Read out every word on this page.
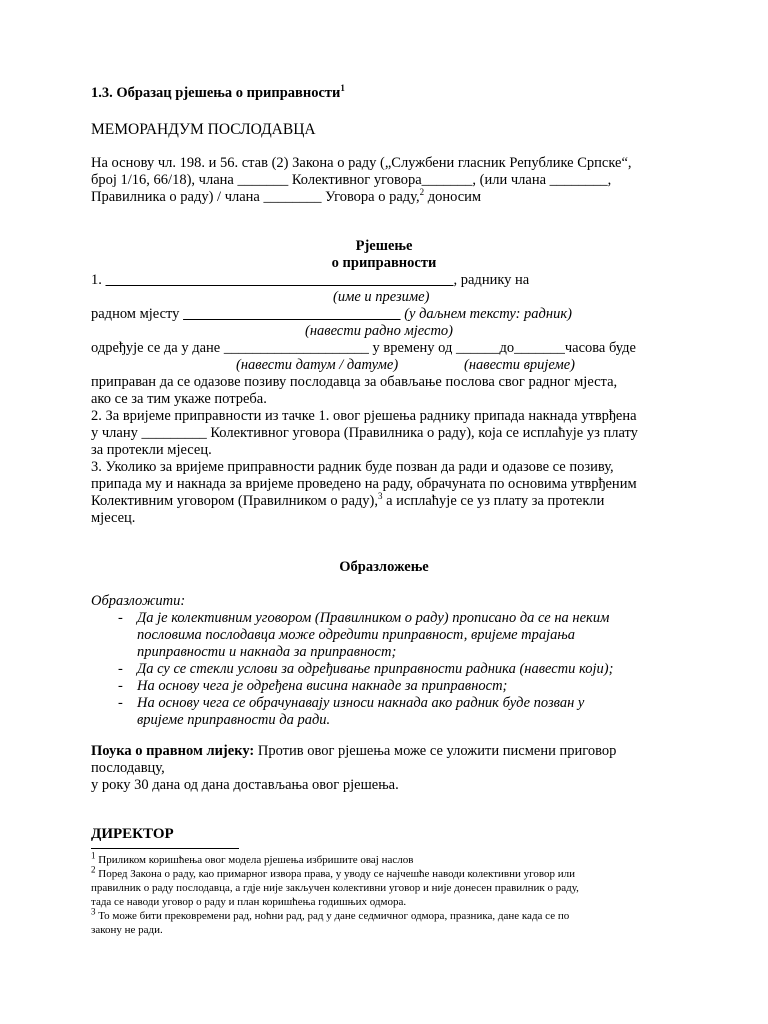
1.3. Образац рјешења о приправности$^1$
МЕМОРАНДУМ ПОСЛОДАВЦА
На основу чл. 198. и 56. став (2) Закона о раду („Службени гласник Републике Српске“,
број 1/16, 66/18), члана _______ Колективног уговора_______, (или члана ________,
Правилника о раду) / члана ________ Уговора о раду,$^2$ доносим
Рјешење
о приправности
1.	, раднику на
(име и презиме)
радном мјесту	(у даљнем тексту: радник)
(навести радно мјесто)
одређује се да у дане ____________________ у времену од ______до_______часова буде
(навести датум / датуме)	(навести вријеме)
приправан да се одазове позиву послодавца за обављање послова свог радног мјеста,
ако се за тим укаже потреба.
2. За вријеме приправности из тачке 1. овог рјешења раднику припада накнада утврђена
у члану _________ Колективног уговора (Правилника о раду), која се исплаћује уз плату
за протекли мјесец.
3. Уколико за вријеме приправности радник буде позван да ради и одазове се позиву,
припада му и накнада за вријеме проведено на раду, обрачуната по основима утврђеним
Колективним уговором (Правилником о раду),$^3$ а исплаћује се уз плату за протекли
мјесец.
Образложење
Образложити:
- Да је колективним уговором (Правилником о раду) прописано да се на неким
пословима послодавца може одредити приправност, вријеме трајања
приправности и накнада за приправност;
- Да су се стекли услови за одређивање приправности радника (навести који);
- На основу чега је одређена висина накнаде за приправност;
- На основу чега се обрачунавају износи накнада ако радник буде позван у
вријеме приправности да ради.
Поука о правном лијеку: Против овог рјешења може се уложити писмени приговор
послодавцу,
у року 30 дана од дана достављања овог рјешења.
ДИРЕКТОР
$^1$ Приликом коришћења овог модела рјешења избришите овај наслов
$^2$ Поред Закона о раду, као примарног извора права, у уводу се најчешће наводи колективни уговор или
правилник о раду послодавца, а гдје није закључен колективни уговор и није донесен правилник о раду,
тада се наводи уговор о раду и план коришћења годишњих одмора.
$^3$ То може бити прековремени рад, ноћни рад, рад у дане седмичног одмора, празника, дане када се по
закону не ради.
